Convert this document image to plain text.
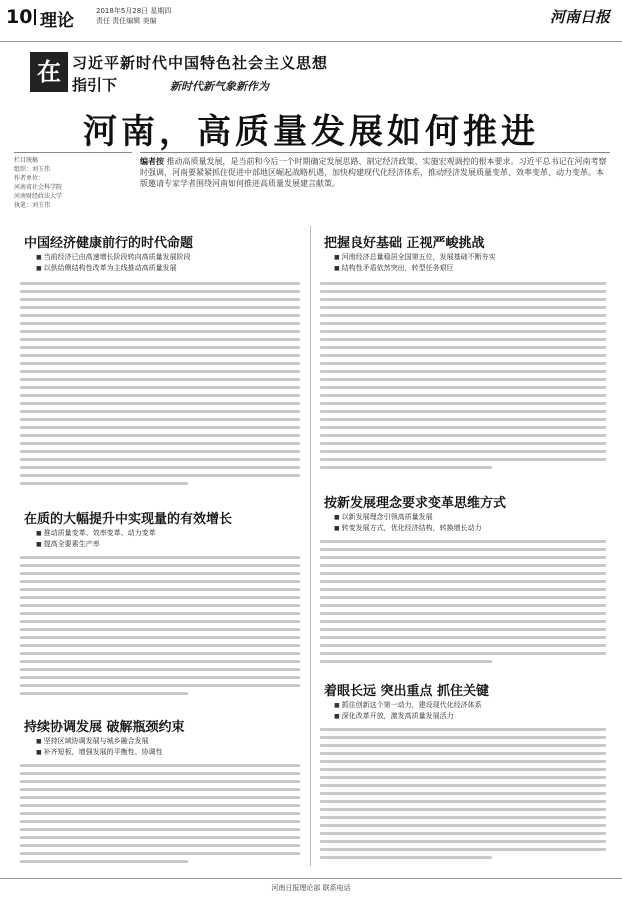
10 理论	2018年5月28日 星期四
责任 责任编辑 美编	河南日报
在 习近平新时代中国特色社会主义思想
指引下	新时代新气象新作为
河南，高质量发展如何推进
栏目统稿
组织：刘玉伟
作者单位：
河南省社会科学院
河南财经政法大学
执笔：刘玉伟
编者按 推动高质量发展，是当前和今后一个时期确定发展思路、制定经济政策、实施宏观调控的根本要求。习近平总书记在河南考察时强调，河南要紧紧抓住促进中部地区崛起战略机遇，加快构建现代化经济体系，推动经济发展质量变革、效率变革、动力变革。本版邀请专家学者围绕河南如何推进高质量发展建言献策。
中国经济健康前行的时代命题
■ 当前经济已由高速增长阶段转向高质量发展阶段
■ 以供给侧结构性改革为主线推动高质量发展
把握良好基础 正视严峻挑战
■ 河南经济总量稳居全国第五位，发展基础不断夯实
■ 结构性矛盾依然突出，转型任务艰巨
在质的大幅提升中实现量的有效增长
■ 推动质量变革、效率变革、动力变革
■ 提高全要素生产率
按新发展理念要求变革思维方式
■ 以新发展理念引领高质量发展
■ 转变发展方式，优化经济结构，转换增长动力
持续协调发展 破解瓶颈约束
■ 坚持区域协调发展与城乡融合发展
■ 补齐短板，增强发展的平衡性、协调性
着眼长远 突出重点 抓住关键
■ 抓住创新这个第一动力，建设现代化经济体系
■ 深化改革开放，激发高质量发展活力
河南日报理论部 联系电话
